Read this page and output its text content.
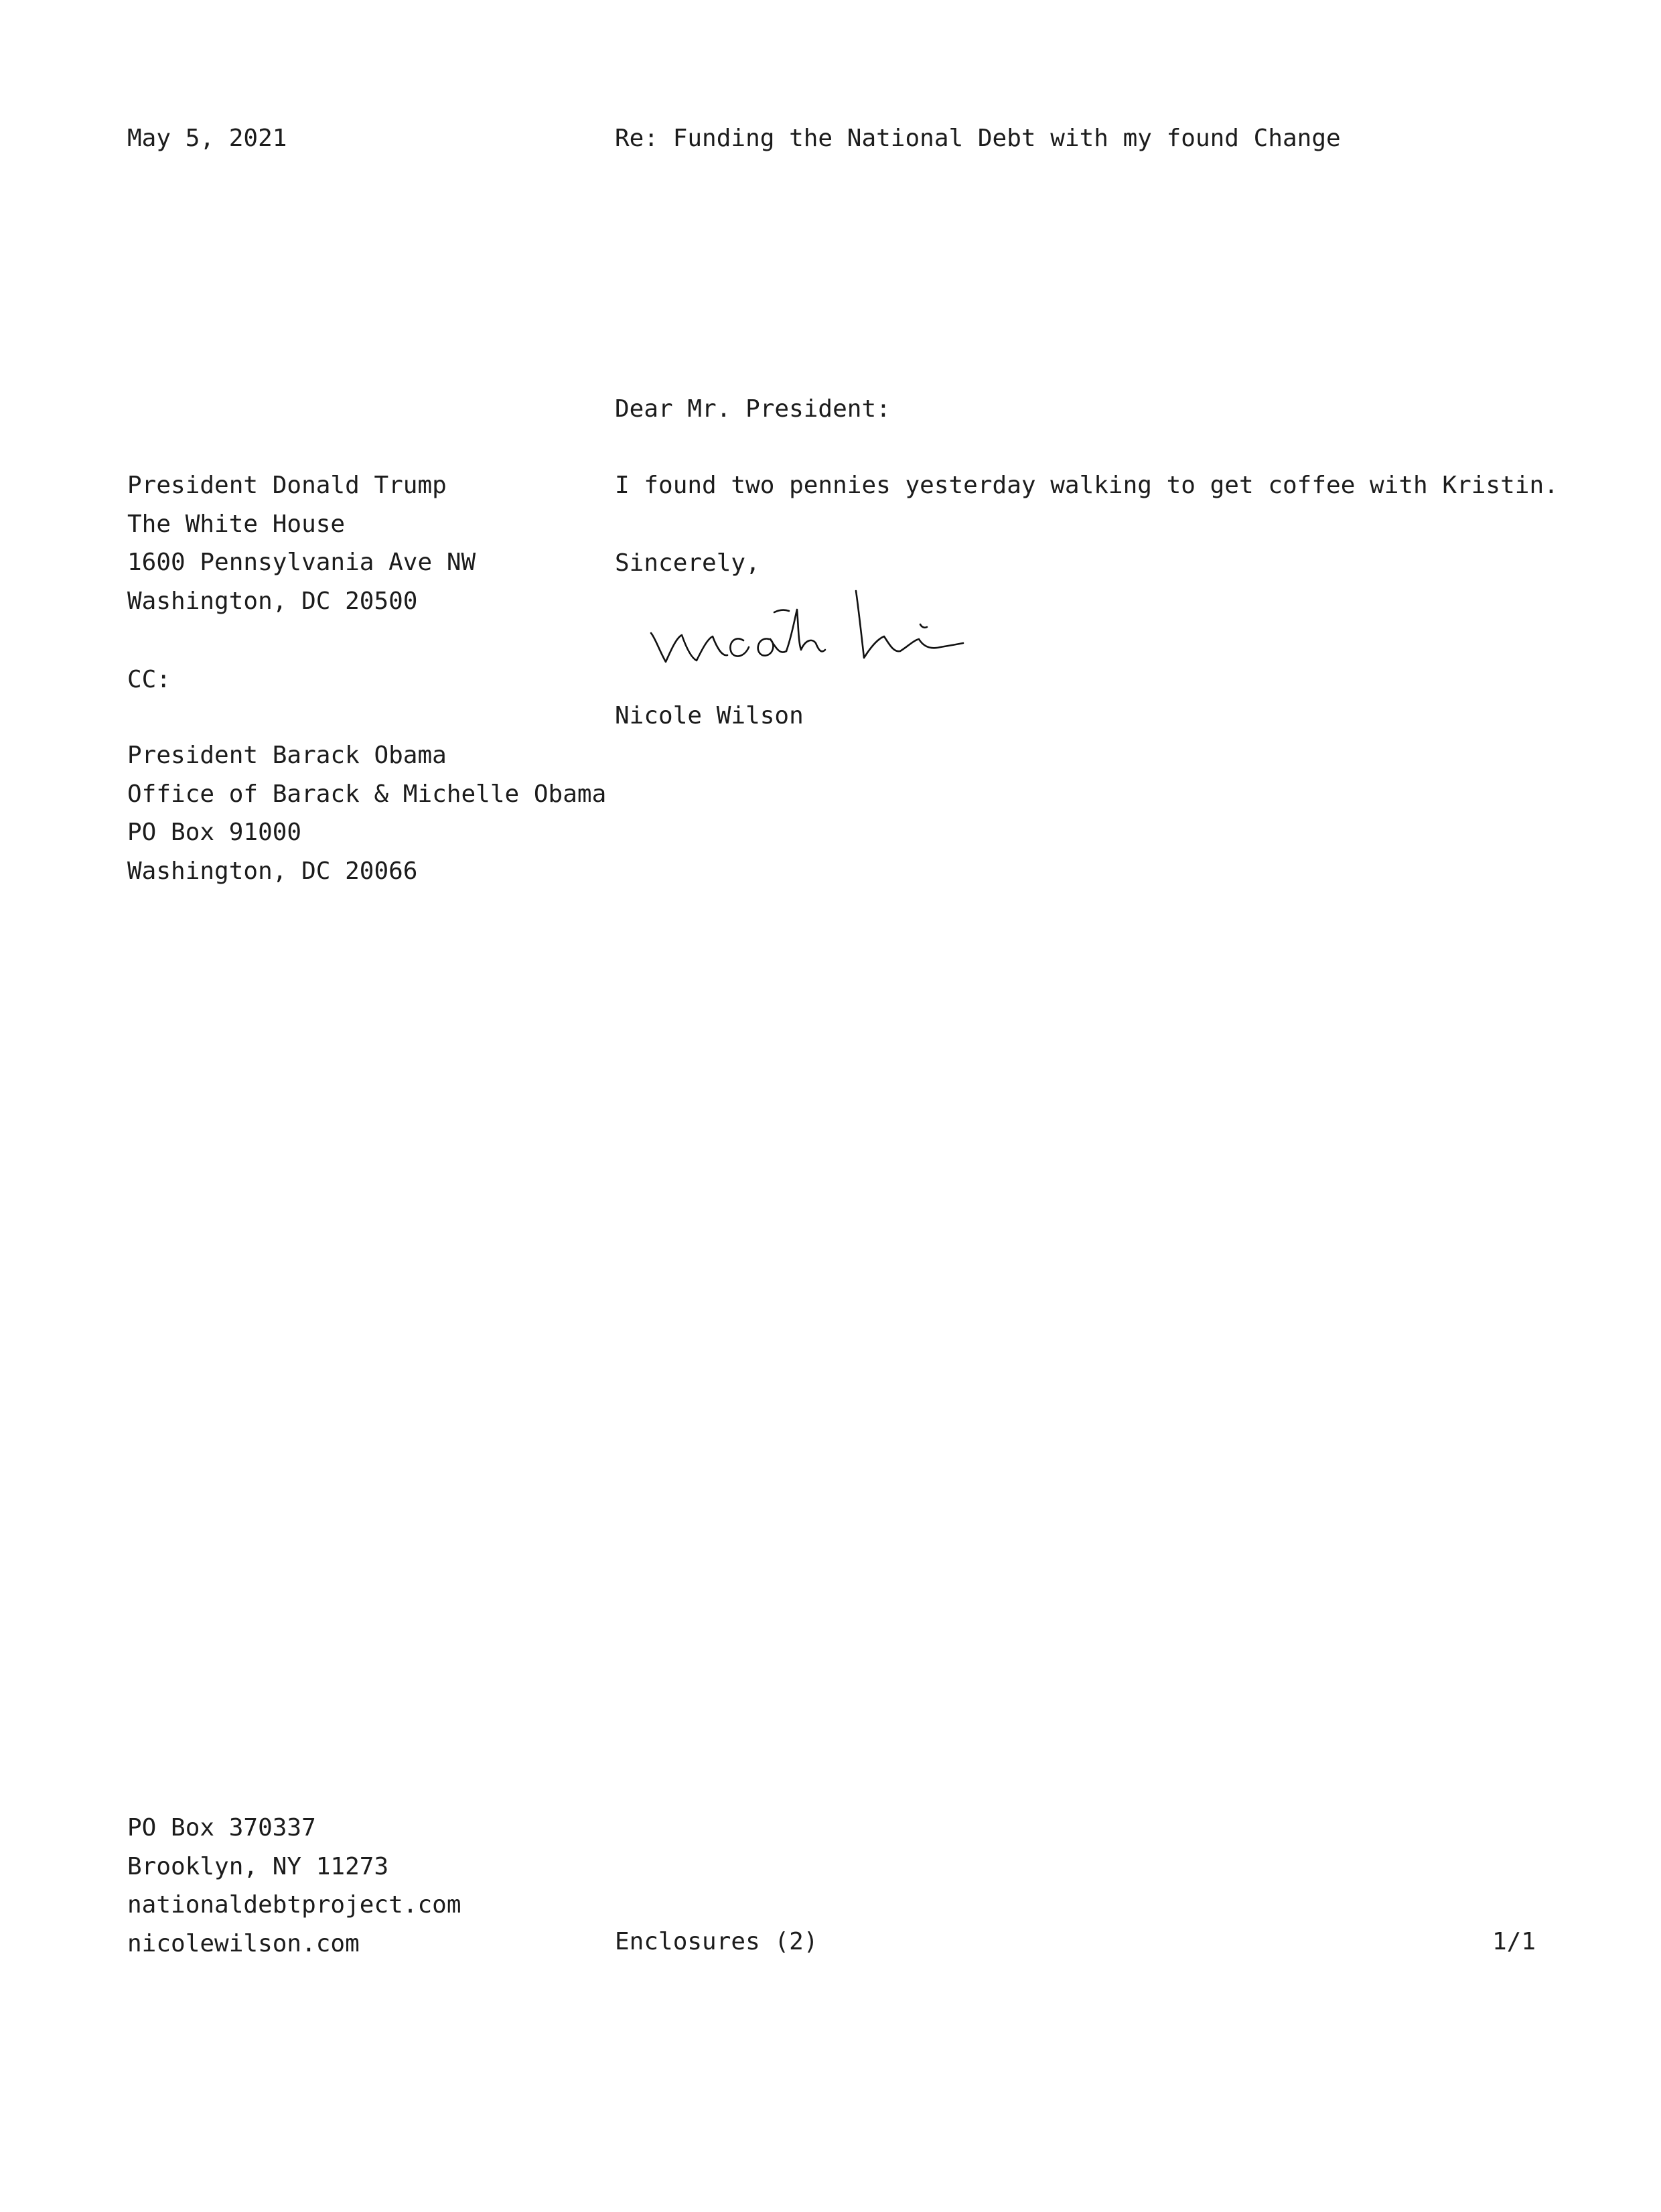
May 5, 2021	Re: Funding the National Debt with my found Change
Dear Mr. President:
President Donald Trump
The White House
1600 Pennsylvania Ave NW
Washington, DC 20500
I found two pennies yesterday walking to get coffee with Kristin.
Sincerely,
Nicole Wilson
CC:
President Barack Obama
Office of Barack & Michelle Obama
PO Box 91000
Washington, DC 20066
PO Box 370337
Brooklyn, NY 11273
nationaldebtproject.com
nicolewilson.com	Enclosures (2)	1/1
